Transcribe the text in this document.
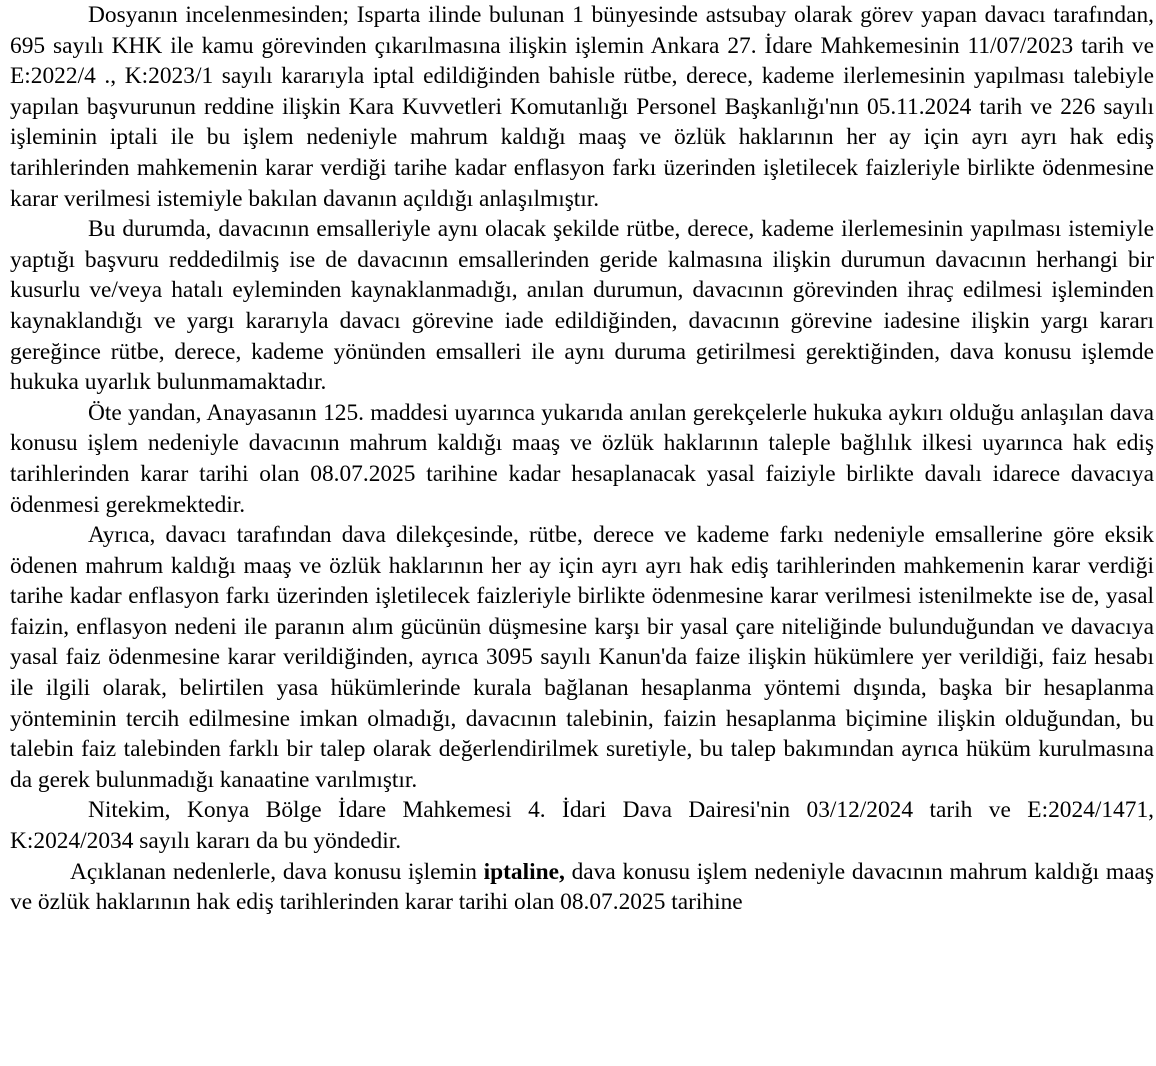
Dosyanın incelenmesinden; Isparta ilinde bulunan 1 bünyesinde astsubay olarak görev yapan davacı tarafından, 695 sayılı KHK ile kamu görevinden çıkarılmasına ilişkin işlemin Ankara 27. İdare Mahkemesinin 11/07/2023 tarih ve E:2022/4 ., K:2023/1 sayılı kararıyla iptal edildiğinden bahisle rütbe, derece, kademe ilerlemesinin yapılması talebiyle yapılan başvurunun reddine ilişkin Kara Kuvvetleri Komutanlığı Personel Başkanlığı'nın 05.11.2024 tarih ve 226 sayılı işleminin iptali ile bu işlem nedeniyle mahrum kaldığı maaş ve özlük haklarının her ay için ayrı ayrı hak ediş tarihlerinden mahkemenin karar verdiği tarihe kadar enflasyon farkı üzerinden işletilecek faizleriyle birlikte ödenmesine karar verilmesi istemiyle bakılan davanın açıldığı anlaşılmıştır.

Bu durumda, davacının emsalleriyle aynı olacak şekilde rütbe, derece, kademe ilerlemesinin yapılması istemiyle yaptığı başvuru reddedilmiş ise de davacının emsallerinden geride kalmasına ilişkin durumun davacının herhangi bir kusurlu ve/veya hatalı eyleminden kaynaklanmadığı, anılan durumun, davacının görevinden ihraç edilmesi işleminden kaynaklandığı ve yargı kararıyla davacı görevine iade edildiğinden, davacının görevine iadesine ilişkin yargı kararı gereğince rütbe, derece, kademe yönünden emsalleri ile aynı duruma getirilmesi gerektiğinden, dava konusu işlemde hukuka uyarlık bulunmamaktadır.

Öte yandan, Anayasanın 125. maddesi uyarınca yukarıda anılan gerekçelerle hukuka aykırı olduğu anlaşılan dava konusu işlem nedeniyle davacının mahrum kaldığı maaş ve özlük haklarının taleple bağlılık ilkesi uyarınca hak ediş tarihlerinden karar tarihi olan 08.07.2025 tarihine kadar hesaplanacak yasal faiziyle birlikte davalı idarece davacıya ödenmesi gerekmektedir.

Ayrıca, davacı tarafından dava dilekçesinde, rütbe, derece ve kademe farkı nedeniyle emsallerine göre eksik ödenen mahrum kaldığı maaş ve özlük haklarının her ay için ayrı ayrı hak ediş tarihlerinden mahkemenin karar verdiği tarihe kadar enflasyon farkı üzerinden işletilecek faizleriyle birlikte ödenmesine karar verilmesi istenilmekte ise de, yasal faizin, enflasyon nedeni ile paranın alım gücünün düşmesine karşı bir yasal çare niteliğinde bulunduğundan ve davacıya yasal faiz ödenmesine karar verildiğinden, ayrıca 3095 sayılı Kanun'da faize ilişkin hükümlere yer verildiği, faiz hesabı ile ilgili olarak, belirtilen yasa hükümlerinde kurala bağlanan hesaplanma yöntemi dışında, başka bir hesaplanma yönteminin tercih edilmesine imkan olmadığı, davacının talebinin, faizin hesaplanma biçimine ilişkin olduğundan, bu talebin faiz talebinden farklı bir talep olarak değerlendirilmek suretiyle, bu talep bakımından ayrıca hüküm kurulmasına da gerek bulunmadığı kanaatine varılmıştır.

Nitekim, Konya Bölge İdare Mahkemesi 4. İdari Dava Dairesi'nin 03/12/2024 tarih ve E:2024/1471, K:2024/2034 sayılı kararı da bu yöndedir.

Açıklanan nedenlerle, dava konusu işlemin iptaline, dava konusu işlem nedeniyle davacının mahrum kaldığı maaş ve özlük haklarının hak ediş tarihlerinden karar tarihi olan 08.07.2025 tarihine
